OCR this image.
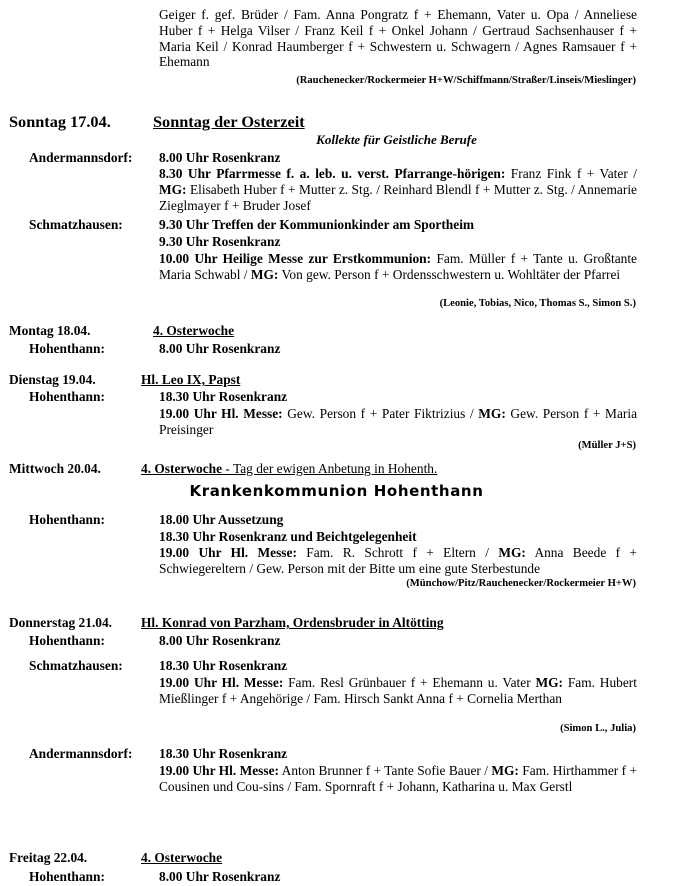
Geiger f. gef. Brüder / Fam. Anna Pongratz f + Ehemann, Vater u. Opa / Anneliese Huber f + Helga Vilser / Franz Keil f + Onkel Johann / Gertraud Sachsenhauser f + Maria Keil / Konrad Haumberger f + Schwestern u. Schwagern / Agnes Ramsauer f + Ehemann
(Rauchenecker/Rockermeier H+W/Schiffmann/Straßer/Linseis/Mieslinger)
Sonntag 17.04.	Sonntag der Osterzeit
Kollekte für Geistliche Berufe
Andermannsdorf: 8.00 Uhr Rosenkranz
8.30 Uhr Pfarrmesse f. a. leb. u. verst. Pfarrange-hörigen: Franz Fink f + Vater / MG: Elisabeth Huber f + Mutter z. Stg. / Reinhard Blendl f + Mutter z. Stg. / Annemarie Zieglmayer f + Bruder Josef
Schmatzhausen:	9.30 Uhr Treffen der Kommunionkinder am Sportheim
9.30 Uhr Rosenkranz
10.00 Uhr Heilige Messe zur Erstkommunion: Fam. Müller f + Tante u. Großtante Maria Schwabl / MG: Von gew. Person f + Ordensschwestern u. Wohltäter der Pfarrei
(Leonie, Tobias, Nico, Thomas S., Simon S.)
Montag 18.04.	4. Osterwoche
Hohenthann:	8.00 Uhr Rosenkranz
Dienstag 19.04.	Hl. Leo IX, Papst
Hohenthann:	18.30 Uhr Rosenkranz
19.00 Uhr Hl. Messe: Gew. Person f + Pater Fiktrizius / MG: Gew. Person f + Maria Preisinger
(Müller J+S)
Mittwoch 20.04.	4. Osterwoche - Tag der ewigen Anbetung in Hohenth.
Krankenkommunion Hohenthann
Hohenthann:	18.00 Uhr Aussetzung
18.30 Uhr Rosenkranz und Beichtgelegenheit
19.00 Uhr Hl. Messe: Fam. R. Schrott f + Eltern / MG: Anna Beede f + Schwiegereltern / Gew. Person mit der Bitte um eine gute Sterbestunde
(Münchow/Pitz/Rauchenecker/Rockermeier H+W)
Donnerstag 21.04. Hl. Konrad von Parzham, Ordensbruder in Altötting
Hohenthann:	8.00 Uhr Rosenkranz
Schmatzhausen:	18.30 Uhr Rosenkranz
19.00 Uhr Hl. Messe: Fam. Resl Grünbauer f + Ehemann u. Vater MG: Fam. Hubert Mießlinger f + Angehörige / Fam. Hirsch Sankt Anna f + Cornelia Merthan
(Simon L., Julia)
Andermannsdorf: 18.30 Uhr Rosenkranz
19.00 Uhr Hl. Messe: Anton Brunner f + Tante Sofie Bauer / MG: Fam. Hirthammer f + Cousinen und Cou-sins / Fam. Spornraft f + Johann, Katharina u. Max Gerstl
Freitag 22.04.	4. Osterwoche
Hohenthann:	8.00 Uhr Rosenkranz
